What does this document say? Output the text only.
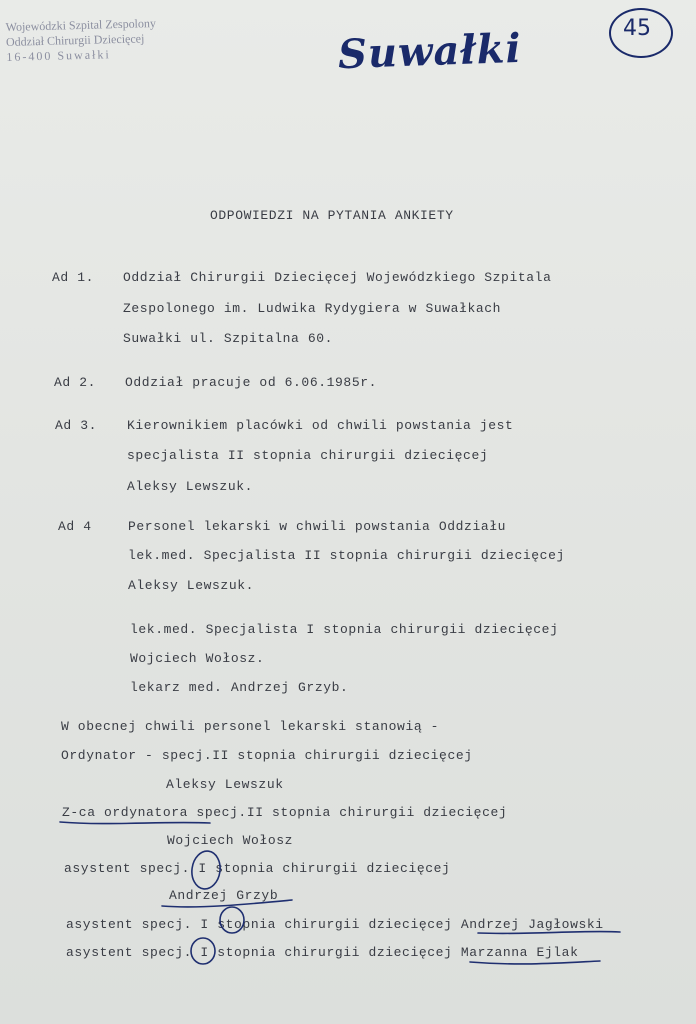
Wojewódzki Szpital Zespolony
Oddział Chirurgii Dziecięcej
16-400 Suwałki	Suwałki	45
ODPOWIEDZI NA PYTANIA ANKIETY
Ad 1. Oddział Chirurgii Dziecięcej Wojewódzkiego Szpitala
Zespolonego im. Ludwika Rydygiera w Suwałkach
Suwałki ul. Szpitalna 60.
Ad 2. Oddział pracuje od 6.06.1985r.
Ad 3. Kierownikiem placówki od chwili powstania jest
specjalista II stopnia chirurgii dziecięcej
Aleksy Lewszuk.
Ad 4	Personel lekarski w chwili powstania Oddziału
lek.med. Specjalista II stopnia chirurgii dziecięcej
Aleksy Lewszuk.
lek.med. Specjalista I stopnia chirurgii dziecięcej
Wojciech Wołosz.
lekarz med. Andrzej Grzyb.
W obecnej chwili personel lekarski stanowią -
Ordynator - specj.II stopnia chirurgii dziecięcej
Aleksy Lewszuk
Z-ca ordynatora specj.II stopnia chirurgii dziecięcej
Wojciech Wołosz
asystent specj. I stopnia chirurgii dziecięcej
Andrzej Grzyb
asystent specj. I stopnia chirurgii dziecięcej Andrzej Jagłowski
asystent specj. I stopnia chirurgii dziecięcej Marzanna Ejlak
